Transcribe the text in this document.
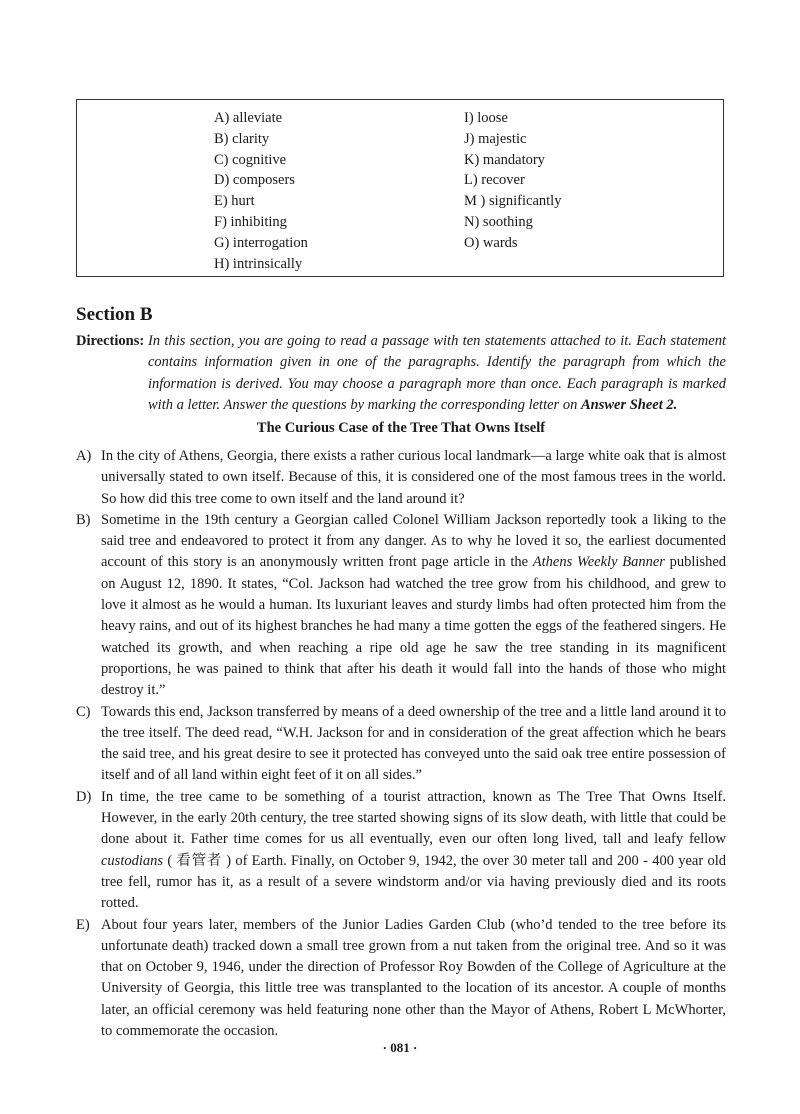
A) alleviate
B) clarity
C) cognitive
D) composers
E) hurt
F) inhibiting
G) interrogation
H) intrinsically
I) loose
J) majestic
K) mandatory
L) recover
M ) significantly
N) soothing
O) wards
Section B
Directions: In this section, you are going to read a passage with ten statements attached to it. Each statement contains information given in one of the paragraphs. Identify the paragraph from which the information is derived. You may choose a paragraph more than once. Each paragraph is marked with a letter. Answer the questions by marking the corresponding letter on Answer Sheet 2.
The Curious Case of the Tree That Owns Itself

A) In the city of Athens, Georgia, there exists a rather curious local landmark—a large white oak that is almost universally stated to own itself. Because of this, it is considered one of the most famous trees in the world. So how did this tree come to own itself and the land around it?

B) Sometime in the 19th century a Georgian called Colonel William Jackson reportedly took a liking to the said tree and endeavored to protect it from any danger. As to why he loved it so, the earliest documented account of this story is an anonymously written front page article in the Athens Weekly Banner published on August 12, 1890. It states, “Col. Jackson had watched the tree grow from his childhood, and grew to love it almost as he would a human. Its luxuriant leaves and sturdy limbs had often protected him from the heavy rains, and out of its highest branches he had many a time gotten the eggs of the feathered singers. He watched its growth, and when reaching a ripe old age he saw the tree standing in its magnificent proportions, he was pained to think that after his death it would fall into the hands of those who might destroy it.”

C) Towards this end, Jackson transferred by means of a deed ownership of the tree and a little land around it to the tree itself. The deed read, “W.H. Jackson for and in consideration of the great affection which he bears the said tree, and his great desire to see it protected has conveyed unto the said oak tree entire possession of itself and of all land within eight feet of it on all sides.”

D) In time, the tree came to be something of a tourist attraction, known as The Tree That Owns Itself. However, in the early 20th century, the tree started showing signs of its slow death, with little that could be done about it. Father time comes for us all eventually, even our often long lived, tall and leafy fellow custodians ( 看管者 ) of Earth. Finally, on October 9, 1942, the over 30 meter tall and 200 - 400 year old tree fell, rumor has it, as a result of a severe windstorm and/or via having previously died and its roots rotted.

E) About four years later, members of the Junior Ladies Garden Club (who’d tended to the tree before its unfortunate death) tracked down a small tree grown from a nut taken from the original tree. And so it was that on October 9, 1946, under the direction of Professor Roy Bowden of the College of Agriculture at the University of Georgia, this little tree was transplanted to the location of its ancestor. A couple of months later, an official ceremony was held featuring none other than the Mayor of Athens, Robert L McWhorter, to commemorate the occasion.

· 081 ·
